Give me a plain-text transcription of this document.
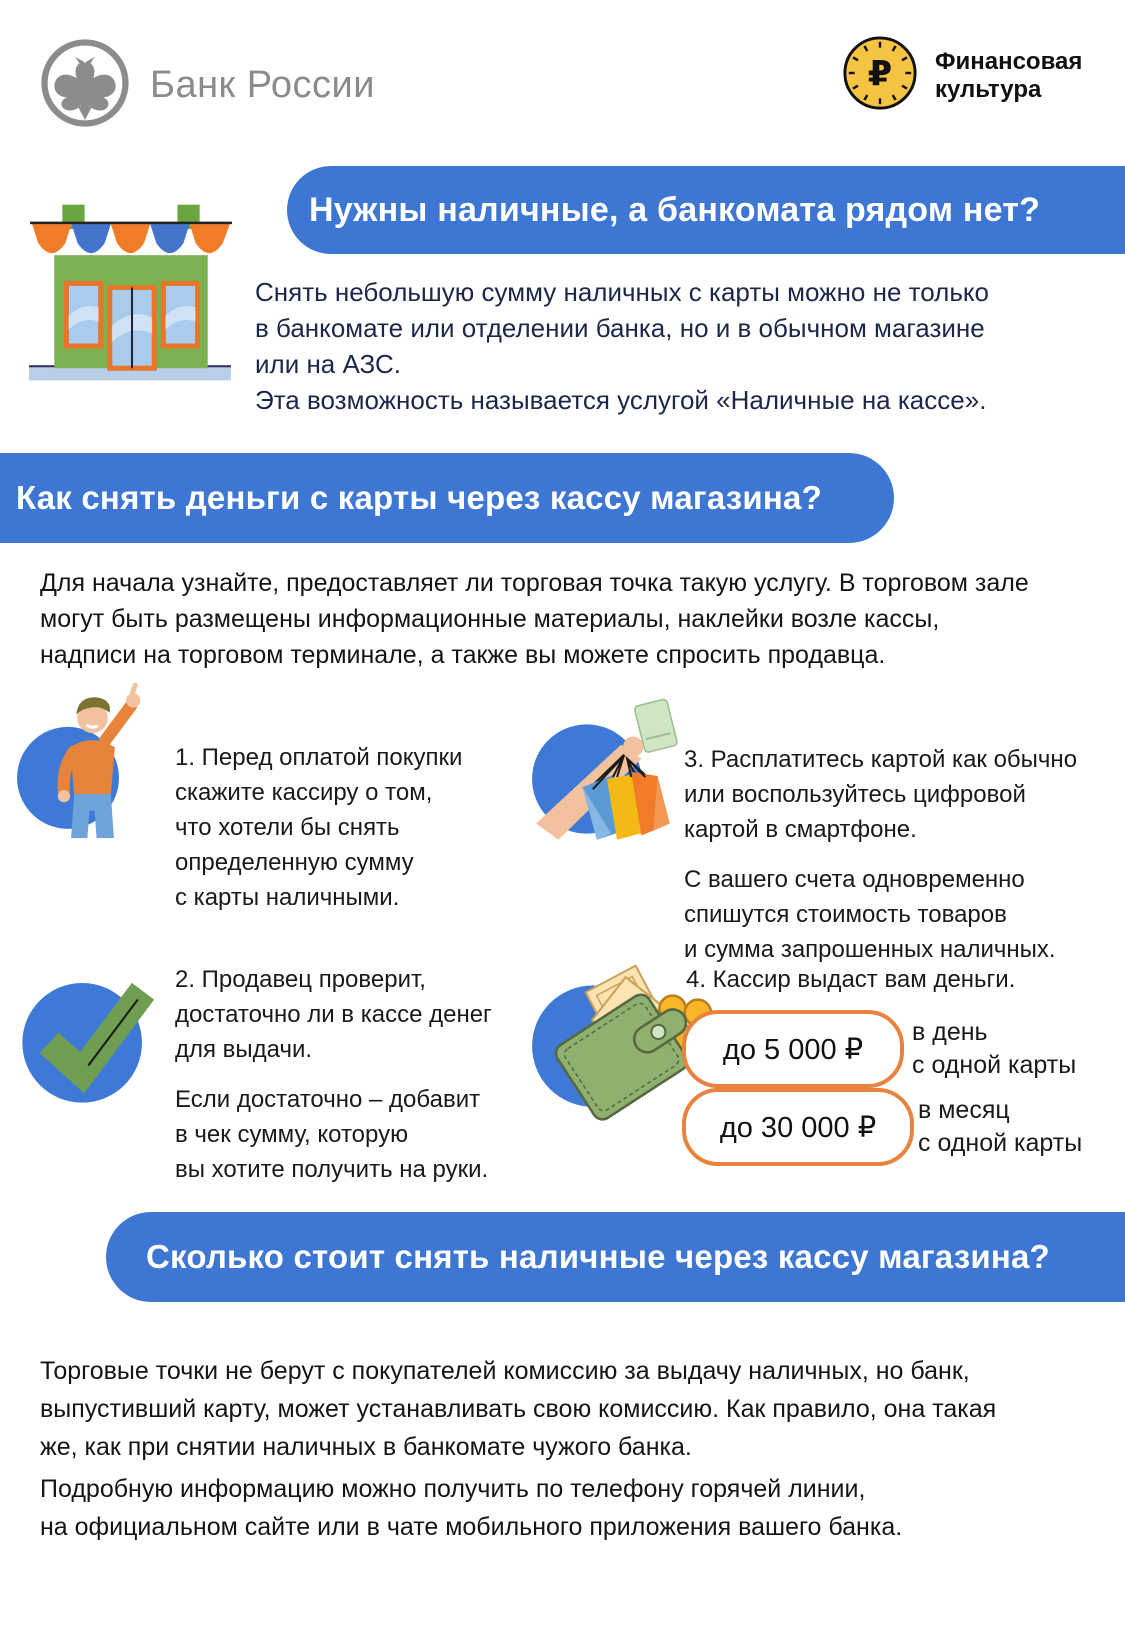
Банк России	₽ Финансовая
культура
Нужны наличные, а банкомата рядом нет?
Снять небольшую сумму наличных с карты можно не только
в банкомате или отделении банка, но и в обычном магазине
или на АЗС.
Эта возможность называется услугой «Наличные на кассе».
Как снять деньги с карты через кассу магазина?
Для начала узнайте, предоставляет ли торговая точка такую услугу. В торговом зале
могут быть размещены информационные материалы, наклейки возле кассы,
надписи на торговом терминале, а также вы можете спросить продавца.
1. Перед оплатой покупки
скажите кассиру о том,
что хотели бы снять
определенную сумму
с карты наличными.
3. Расплатитесь картой как обычно
или воспользуйтесь цифровой
картой в смартфоне.
С вашего счета одновременно
спишутся стоимость товаров
и сумма запрошенных наличных.
2. Продавец проверит,
достаточно ли в кассе денег
для выдачи.
Если достаточно – добавит
в чек сумму, которую
вы хотите получить на руки.
4. Кассир выдаст вам деньги.
до 5 000 ₽
в день
с одной карты
до 30 000 ₽
в месяц
с одной карты
Сколько стоит снять наличные через кассу магазина?
Торговые точки не берут с покупателей комиссию за выдачу наличных, но банк,
выпустивший карту, может устанавливать свою комиссию. Как правило, она такая
же, как при снятии наличных в банкомате чужого банка.
Подробную информацию можно получить по телефону горячей линии,
на официальном сайте или в чате мобильного приложения вашего банка.
